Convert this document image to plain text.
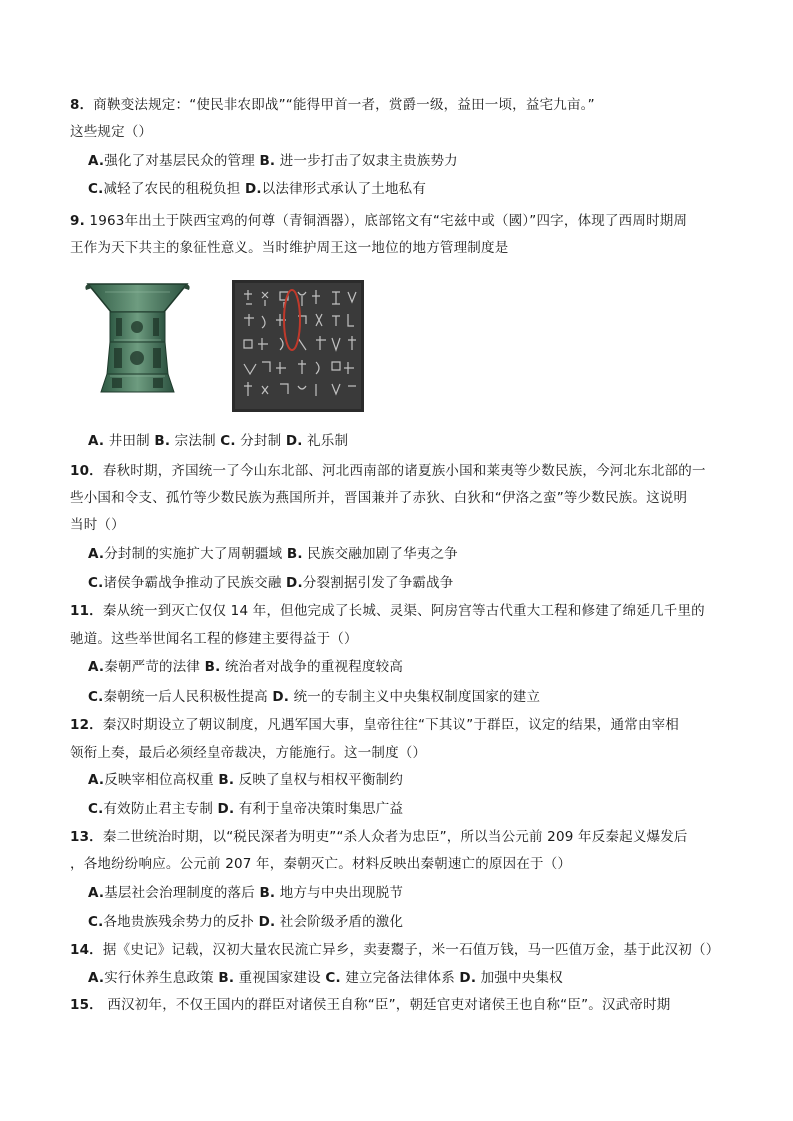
8．商鞅变法规定：“使民非农即战”“能得甲首一者，赏爵一级，益田一顷，益宅九亩。”
这些规定（）
A.强化了对基层民众的管理 B. 进一步打击了奴隶主贵族势力
C.减轻了农民的租税负担 D.以法律形式承认了土地私有
9. 1963年出土于陕西宝鸡的何尊（青铜酒器），底部铭文有“宅兹中或（國）”四字，体现了西周时期周
王作为天下共主的象征性意义。当时维护周王这一地位的地方管理制度是
A. 井田制 B. 宗法制 C. 分封制 D. 礼乐制
10．春秋时期，齐国统一了今山东北部、河北西南部的诸夏族小国和莱夷等少数民族，今河北东北部的一
些小国和令支、孤竹等少数民族为燕国所并，晋国兼并了赤狄、白狄和“伊洛之蛮”等少数民族。这说明
当时（）
A.分封制的实施扩大了周朝疆域 B. 民族交融加剧了华夷之争
C.诸侯争霸战争推动了民族交融 D.分裂割据引发了争霸战争
11．秦从统一到灭亡仅仅 14 年，但他完成了长城、灵渠、阿房宫等古代重大工程和修建了绵延几千里的
驰道。这些举世闻名工程的修建主要得益于（）
A.秦朝严苛的法律 B. 统治者对战争的重视程度较高
C.秦朝统一后人民积极性提高 D. 统一的专制主义中央集权制度国家的建立
12．秦汉时期设立了朝议制度，凡遇军国大事，皇帝往往“下其议”于群臣，议定的结果，通常由宰相
领衔上奏，最后必须经皇帝裁决，方能施行。这一制度（）
A.反映宰相位高权重 B. 反映了皇权与相权平衡制约
C.有效防止君主专制 D. 有利于皇帝决策时集思广益
13．秦二世统治时期，以“税民深者为明吏”“杀人众者为忠臣”，所以当公元前 209 年反秦起义爆发后
，各地纷纷响应。公元前 207 年，秦朝灭亡。材料反映出秦朝速亡的原因在于（）
A.基层社会治理制度的落后 B. 地方与中央出现脱节
C.各地贵族残余势力的反扑 D. 社会阶级矛盾的激化
14．据《史记》记载，汉初大量农民流亡异乡，卖妻鬻子，米一石值万钱，马一匹值万金，基于此汉初（）
A.实行休养生息政策 B. 重视国家建设 C. 建立完备法律体系 D. 加强中央集权
15． 西汉初年，不仅王国内的群臣对诸侯王自称“臣”，朝廷官吏对诸侯王也自称“臣”。汉武帝时期
